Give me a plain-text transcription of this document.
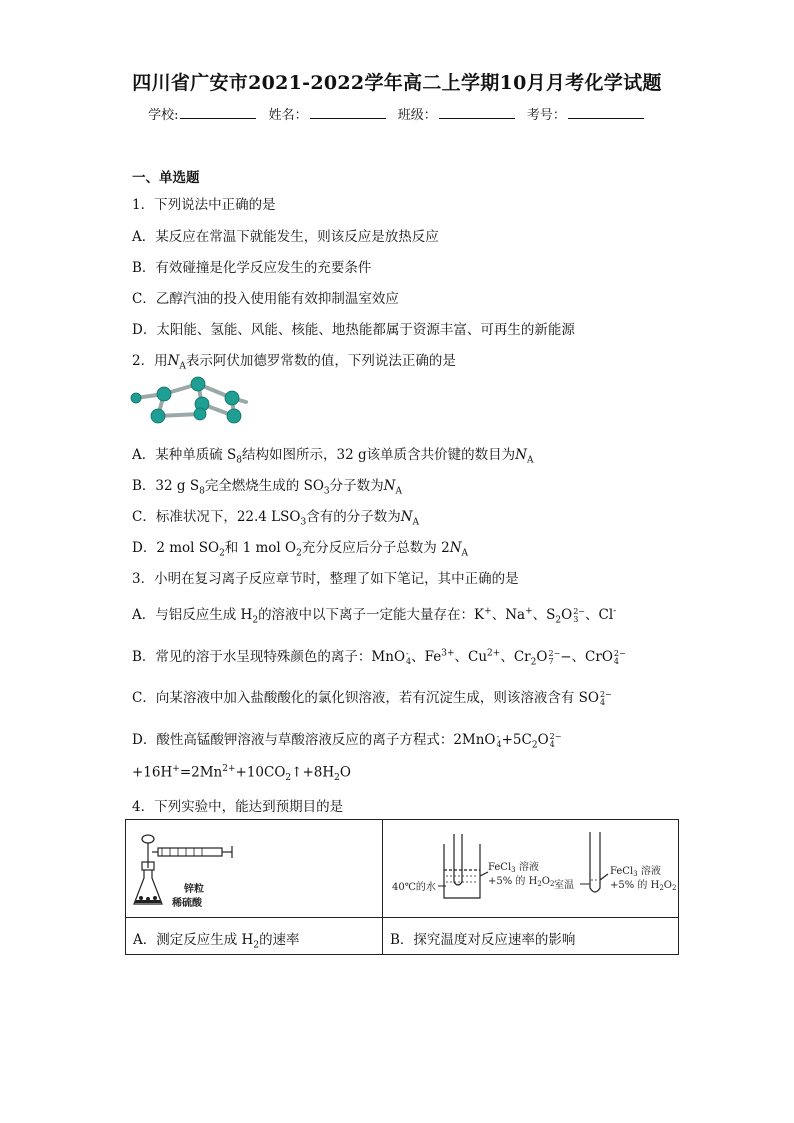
四川省广安市2021-2022学年高二上学期10月月考化学试题
学校:	姓名：	班级：	考号：
一、单选题
1．下列说法中正确的是
A．某反应在常温下就能发生，则该反应是放热反应
B．有效碰撞是化学反应发生的充要条件
C．乙醇汽油的投入使用能有效抑制温室效应
D．太阳能、氢能、风能、核能、地热能都属于资源丰富、可再生的新能源
2．用$N_A$表示阿伏加德罗常数的值，下列说法正确的是
A．某种单质硫 $S_8$结构如图所示，32 g该单质含共价键的数目为$N_A$
B．32 g $S_8$完全燃烧生成的 $SO_3$分子数为$N_A$
C．标准状况下，22.4 $LSO_3$含有的分子数为$N_A$
D．2 mol $SO_2$和 1 mol $O_2$充分反应后分子总数为 $2N_A$
3．小明在复习离子反应章节时，整理了如下笔记，其中正确的是
A．与铝反应生成 $H_2$的溶液中以下离子一定能大量存在：K+、Na+、$S_2O$ 2−
3 、Cl-
B．常见的溶于水呈现特殊颜色的离子：MnO -
4 、$Fe^{3+}$、$Cu^{2+}$、$Cr_2O$ 2−
7 −、CrO 2−
4
C．向某溶液中加入盐酸酸化的氯化钡溶液，若有沉淀生成，则该溶液含有 SO 2−
4
D．酸性高锰酸钾溶液与草酸溶液反应的离子方程式：2MnO -
$4 +5C_2O$ 2−
4
$+16H^+=2Mn^{2+}+10CO_2↑+8H_2O$
4．下列实验中，能达到预期目的是
锌粒
稀硫酸
40℃的水
FeCl$_3$ 溶液
+5% 的 $H_2O_2$ 室温
FeCl$_3$ 溶液
+5% 的 $H_2O_2$
A．测定反应生成 $H_2$的速率	B．探究温度对反应速率的影响
